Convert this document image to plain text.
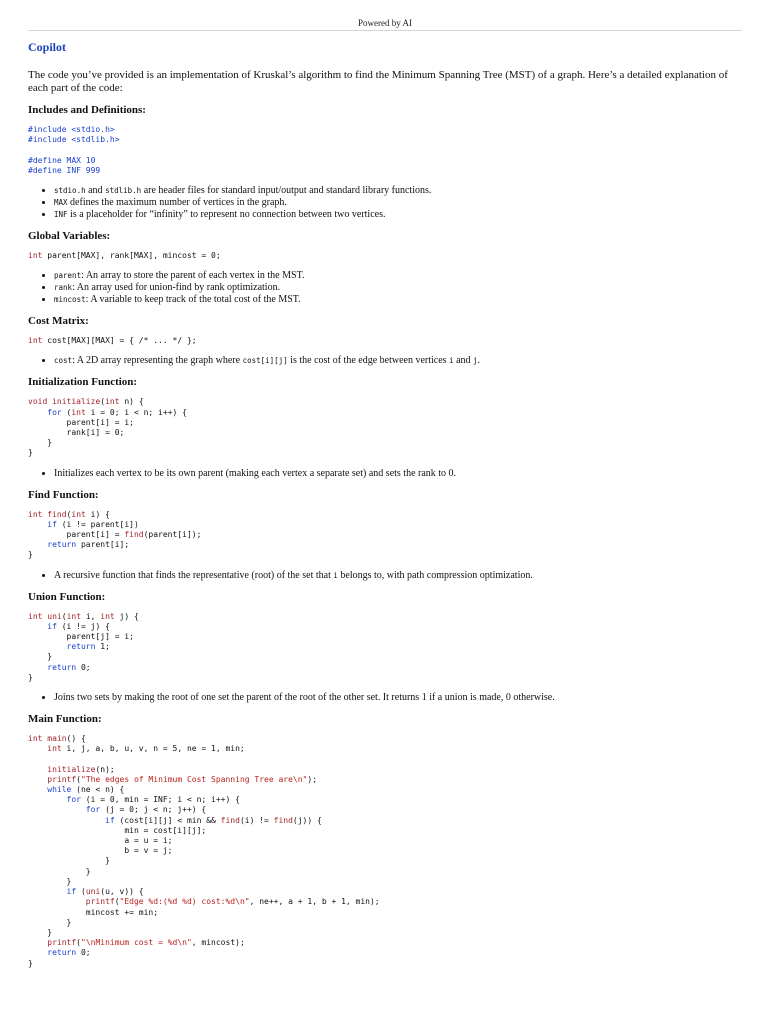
Powered by AI
Copilot

The code you’ve provided is an implementation of Kruskal’s algorithm to find the Minimum Spanning Tree (MST) of a graph. Here’s a detailed explanation of each part of the code:

Includes and Definitions:
#include <stdio.h>
#include <stdlib.h>
#define MAX 10
#define INF 999
• stdio.h and stdlib.h are header files for standard input/output and standard library functions.
• MAX defines the maximum number of vertices in the graph.
• INF is a placeholder for “infinity” to represent no connection between two vertices.
Global Variables:
int parent[MAX], rank[MAX], mincost = 0;
• parent: An array to store the parent of each vertex in the MST.
• rank: An array used for union-find by rank optimization.
• mincost: A variable to keep track of the total cost of the MST.
Cost Matrix:
int cost[MAX][MAX] = { /* ... */ };
• cost: A 2D array representing the graph where cost[i][j] is the cost of the edge between vertices i and j.
Initialization Function:
void initialize(int n) {
for (int i = 0; i < n; i++) {
parent[i] = i;
rank[i] = 0;
}
}
• Initializes each vertex to be its own parent (making each vertex a separate set) and sets the rank to 0.
Find Function:
int find(int i) {
if (i != parent[i])
parent[i] = find(parent[i]);
return parent[i];
}
• A recursive function that finds the representative (root) of the set that i belongs to, with path compression optimization.
Union Function:
int uni(int i, int j) {
if (i != j) {
parent[j] = i;
return 1;
}
return 0;
}
• Joins two sets by making the root of one set the parent of the root of the other set. It returns 1 if a union is made, 0 otherwise.
Main Function:
int main() {
int i, j, a, b, u, v, n = 5, ne = 1, min;
initialize(n);
printf("The edges of Minimum Cost Spanning Tree are\n");
while (ne < n) {
for (i = 0, min = INF; i < n; i++) {
for (j = 0; j < n; j++) {
if (cost[i][j] < min && find(i) != find(j)) {
min = cost[i][j];
a = u = i;
b = v = j;
}
}
}
if (uni(u, v)) {
printf("Edge %d:(%d %d) cost:%d\n", ne++, a + 1, b + 1, min);
mincost += min;
}
}
printf("\nMinimum cost = %d\n", mincost);
return 0;
}
